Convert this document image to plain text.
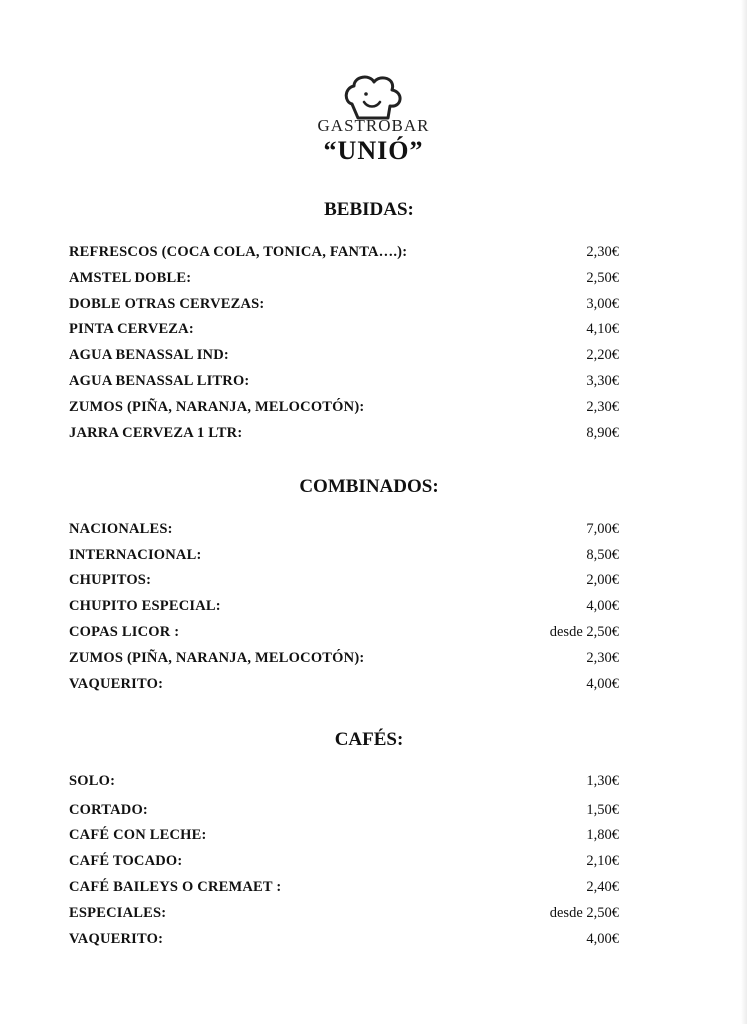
GASTROBAR
“UNIÓ”
BEBIDAS:
REFRESCOS (COCA COLA, TONICA, FANTA….):	2,30€
AMSTEL DOBLE:	2,50€
DOBLE OTRAS CERVEZAS:	3,00€
PINTA CERVEZA:	4,10€
AGUA BENASSAL IND:	2,20€
AGUA BENASSAL LITRO:	3,30€
ZUMOS (PIÑA, NARANJA, MELOCOTÓN):	2,30€
JARRA CERVEZA 1 LTR:	8,90€
COMBINADOS:
NACIONALES:	7,00€
INTERNACIONAL:	8,50€
CHUPITOS:	2,00€
CHUPITO ESPECIAL:	4,00€
COPAS LICOR :	desde 2,50€
ZUMOS (PIÑA, NARANJA, MELOCOTÓN):	2,30€
VAQUERITO:	4,00€
CAFÉS:
SOLO:	1,30€
CORTADO:	1,50€
CAFÉ CON LECHE:	1,80€
CAFÉ TOCADO:	2,10€
CAFÉ BAILEYS O CREMAET :	2,40€
ESPECIALES:	desde 2,50€
VAQUERITO:	4,00€
